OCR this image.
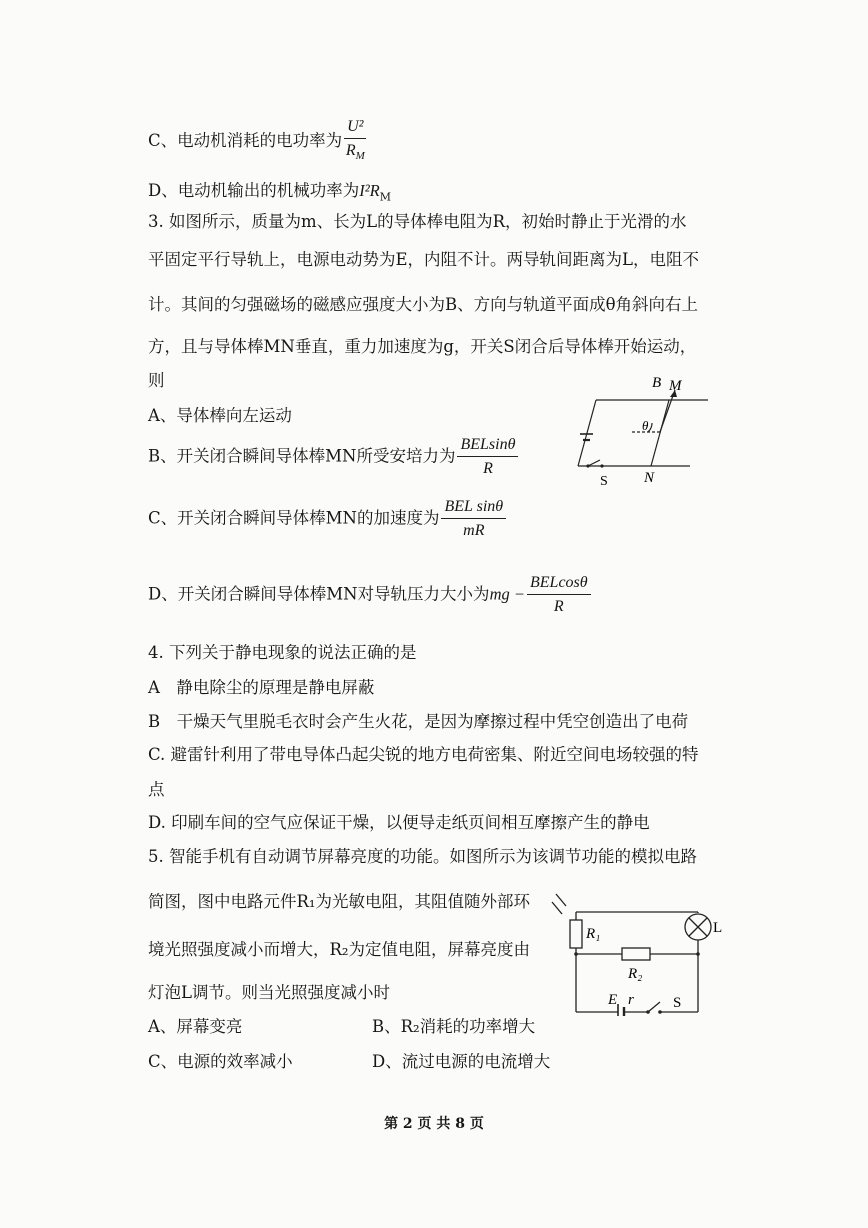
C、电动机消耗的电功率为 $\frac{\text{U²}}{R_M}$
D、电动机输出的机械功率为$I^2R_M$
3. 如图所示，质量为m、长为L的导体棒电阻为R，初始时静止于光滑的水
平固定平行导轨上，电源电动势为E，内阻不计。两导轨间距离为L，电阻不
计。其间的匀强磁场的磁感应强度大小为B、方向与轨道平面成θ角斜向右上
方，且与导体棒MN垂直，重力加速度为g，开关S闭合后导体棒开始运动，
则
A、导体棒向左运动
B、开关闭合瞬间导体棒MN所受安培力为 $\frac{\text{BELsinθ}}{R}$
C、开关闭合瞬间导体棒MN的加速度为 $\frac{\text{BEL sinθ}}{mR}$
D、开关闭合瞬间导体棒MN对导轨压力大小为mg − $\frac{\text{BELcosθ}}{R}$
B M
θ
S N
4. 下列关于静电现象的说法正确的是
A　静电除尘的原理是静电屏蔽
B　干燥天气里脱毛衣时会产生火花，是因为摩擦过程中凭空创造出了电荷
C. 避雷针利用了带电导体凸起尖锐的地方电荷密集、附近空间电场较强的特
点
D. 印刷车间的空气应保证干燥，以便导走纸页间相互摩擦产生的静电
5. 智能手机有自动调节屏幕亮度的功能。如图所示为该调节功能的模拟电路
简图，图中电路元件R₁为光敏电阻，其阻值随外部环
境光照强度减小而增大，R₂为定值电阻，屏幕亮度由
灯泡L调节。则当光照强度减小时
A、屏幕变亮	B、R₂消耗的功率增大
C、电源的效率减小	D、流过电源的电流增大
R₁	L
R₂
E r	S
第 2 页 共 8 页
